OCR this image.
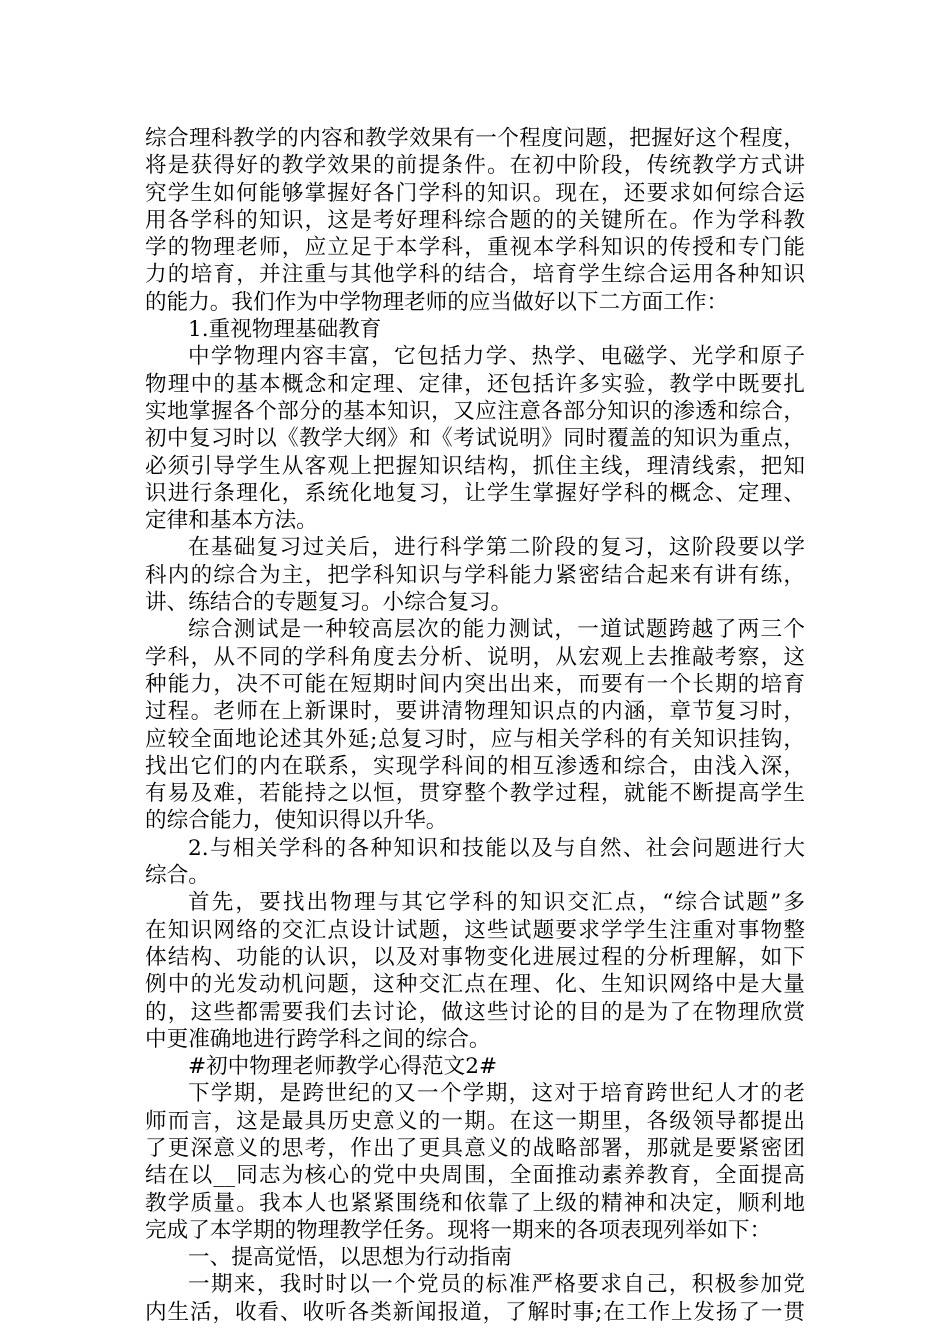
综合理科教学的内容和教学效果有一个程度问题，把握好这个程度，
将是获得好的教学效果的前提条件。在初中阶段，传统教学方式讲
究学生如何能够掌握好各门学科的知识。现在，还要求如何综合运
用各学科的知识，这是考好理科综合题的的关键所在。作为学科教
学的物理老师，应立足于本学科，重视本学科知识的传授和专门能
力的培育，并注重与其他学科的结合，培育学生综合运用各种知识
的能力。我们作为中学物理老师的应当做好以下二方面工作：
1.重视物理基础教育
中学物理内容丰富，它包括力学、热学、电磁学、光学和原子
物理中的基本概念和定理、定律，还包括许多实验，教学中既要扎
实地掌握各个部分的基本知识，又应注意各部分知识的渗透和综合，
初中复习时以《教学大纲》和《考试说明》同时覆盖的知识为重点，
必须引导学生从客观上把握知识结构，抓住主线，理清线索，把知
识进行条理化，系统化地复习，让学生掌握好学科的概念、定理、
定律和基本方法。
在基础复习过关后，进行科学第二阶段的复习，这阶段要以学
科内的综合为主，把学科知识与学科能力紧密结合起来有讲有练，
讲、练结合的专题复习。小综合复习。
综合测试是一种较高层次的能力测试，一道试题跨越了两三个
学科，从不同的学科角度去分析、说明，从宏观上去推敲考察，这
种能力，决不可能在短期时间内突出出来，而要有一个长期的培育
过程。老师在上新课时，要讲清物理知识点的内涵，章节复习时，
应较全面地论述其外延;总复习时，应与相关学科的有关知识挂钩，
找出它们的内在联系，实现学科间的相互渗透和综合，由浅入深，
有易及难，若能持之以恒，贯穿整个教学过程，就能不断提高学生
的综合能力，使知识得以升华。
2.与相关学科的各种知识和技能以及与自然、社会问题进行大
综合。
首先，要找出物理与其它学科的知识交汇点，“综合试题”多
在知识网络的交汇点设计试题，这些试题要求学学生注重对事物整
体结构、功能的认识，以及对事物变化进展过程的分析理解，如下
例中的光发动机问题，这种交汇点在理、化、生知识网络中是大量
的，这些都需要我们去讨论，做这些讨论的目的是为了在物理欣赏
中更准确地进行跨学科之间的综合。
#初中物理老师教学心得范文2#
下学期，是跨世纪的又一个学期，这对于培育跨世纪人才的老
师而言，这是最具历史意义的一期。在这一期里，各级领导都提出
了更深意义的思考，作出了更具意义的战略部署，那就是要紧密团
结在以__同志为核心的党中央周围，全面推动素养教育，全面提高
教学质量。我本人也紧紧围绕和依靠了上级的精神和决定，顺利地
完成了本学期的物理教学任务。现将一期来的各项表现列举如下：
一、提高觉悟，以思想为行动指南
一期来，我时时以一个党员的标准严格要求自己，积极参加党
内生活，收看、收听各类新闻报道，了解时事;在工作上发扬了一贯
